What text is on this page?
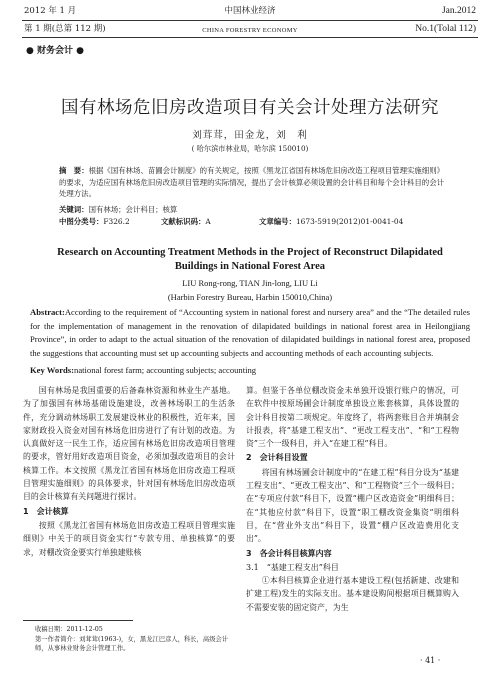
2012 年 1 月	中国林业经济	Jan.2012
第 1 期(总第 112 期)	CHINA FORESTRY ECONOMY	No.1(Tolal 112)
● 财务会计 ●
国有林场危旧房改造项目有关会计处理方法研究
刘茸茸，田金龙，刘　利
( 哈尔滨市林业局，哈尔滨 150010)
摘　要：根据《国有林场、苗圃会计制度》的有关规定，按照《黑龙江省国有林场危旧房改造工程项目管理实施细则》的要求，为适应国有林场危旧房改造项目管理的实际情况，提出了会计核算必须设置的会计科目和每个会计科目的会计处理方法。
关键词：国有林场；会计科目；核算
中图分类号：F326.2	文献标识码：A	文章编号：1673-5919(2012)01-0041-04
Research on Accounting Treatment Methods in the Project of Reconstruct Dilapidated
Buildings in National Forest Area
LIU Rong-rong, TIAN Jin-long, LIU Li
(Harbin Forestry Bureau, Harbin 150010,China)
Abstract:According to the requirement of “Accounting system in national forest and nursery area” and the “The detailed rules for the implementation of management in the renovation of dilapidated buildings in national forest area in Heilongjiang Province”, in order to adapt to the actual situation of the renovation of dilapidated buildings in national forest area, proposed the suggestions that accounting must set up accounting subjects and accounting methods of each accounting subjects.
Key Words:national forest farm; accounting subjects; accounting

国有林场是我国重要的后备森林资源和林业生产基地。为了加强国有林场基础设施建设，改善林场职工的生活条件，充分调动林场职工发展建设林业的积极性，近年来，国家财政投入资金对国有林场危旧房进行了有计划的改造。为认真做好这一民生工作，适应国有林场危旧房改造项目管理的要求，管好用好改造项目资金，必须加强改造项目的会计核算工作。本文按照《黑龙江省国有林场危旧房改造工程项目管理实施细则》的具体要求，针对国有林场危旧房改造项目的会计核算有关问题进行探讨。

1　会计核算

按照《黑龙江省国有林场危旧房改造工程项目管理实施细则》中关于的项目资金实行“专款专用、单独核算”的要求，对棚改资金要实行单独建账核

收稿日期：2011-12-05
第一作者简介：刘茸茸(1963-)，女，黑龙江巴彦人，科长，高级会计师，从事林业财务会计管理工作。

算。但鉴于各单位棚改资金未单独开设银行账户的情况，可在软件中按原场圃会计制度单独设立账套核算，具体设置的会计科目按第二项规定。年度终了，将两套账目合并填制会计报表，将“基建工程支出”、“更改工程支出”、“和“工程物资”三个一级科目，并入“在建工程”科目。

2　会计科目设置

将国有林场圃会计制度中的“在建工程”科目分设为“基建工程支出”、“更改工程支出”、和“工程物资”三个一级科目；在“专项应付款”科目下，设置“棚户区改造资金”明细科目；在“其他应付款”科目下，设置“职工棚改资金集资”明细科目，在“营业外支出”科目下，设置“棚户区改造费用化支出”。

3　各会计科目核算内容
3.1　“基建工程支出”科目

①本科目核算企业进行基本建设工程(包括新建、改建和扩建工程)发生的实际支出。基本建设购间根据项目概算购入不需要安装的固定资产，为生

· 41 ·
